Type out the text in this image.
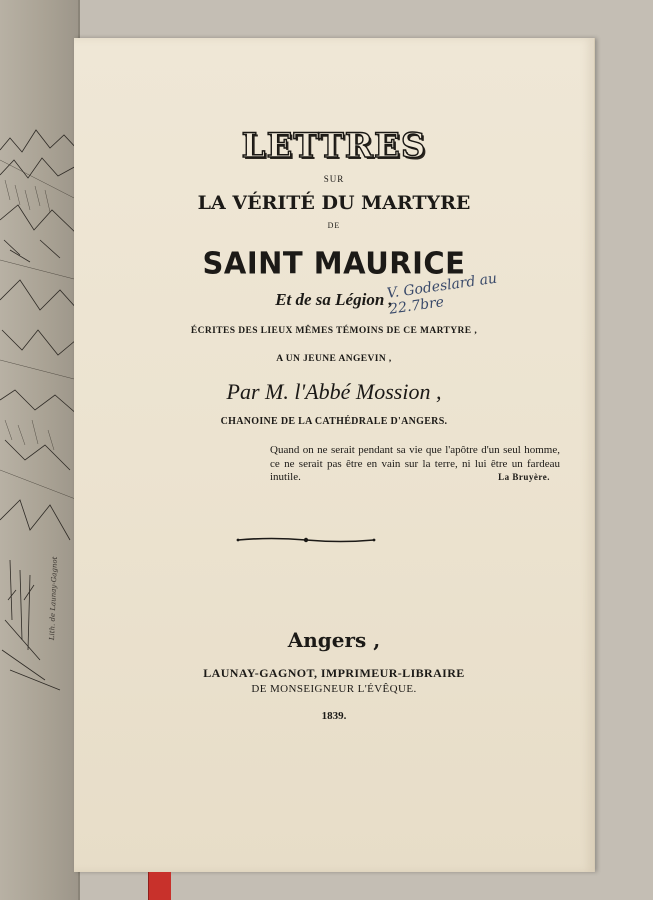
Lith. de Launay-Gagnot
LETTRES
SUR
LA VÉRITÉ DU MARTYRE
DE
SAINT MAURICE
Et de sa Légion ,
ÉCRITES DES LIEUX MÊMES TÉMOINS DE CE MARTYRE ,
A UN JEUNE ANGEVIN ,
Par M. l'Abbé Mossion ,
CHANOINE DE LA CATHÉDRALE D'ANGERS.
Quand on ne serait pendant sa vie que l'apôtre d'un seul homme, ce ne serait pas être en vain sur la terre, ni lui être un fardeau inutile.	La Bruyère.
Angers ,
LAUNAY-GAGNOT, IMPRIMEUR-LIBRAIRE
DE MONSEIGNEUR L'ÉVÊQUE.
1839.
V. Godeslard au 22.7bre
